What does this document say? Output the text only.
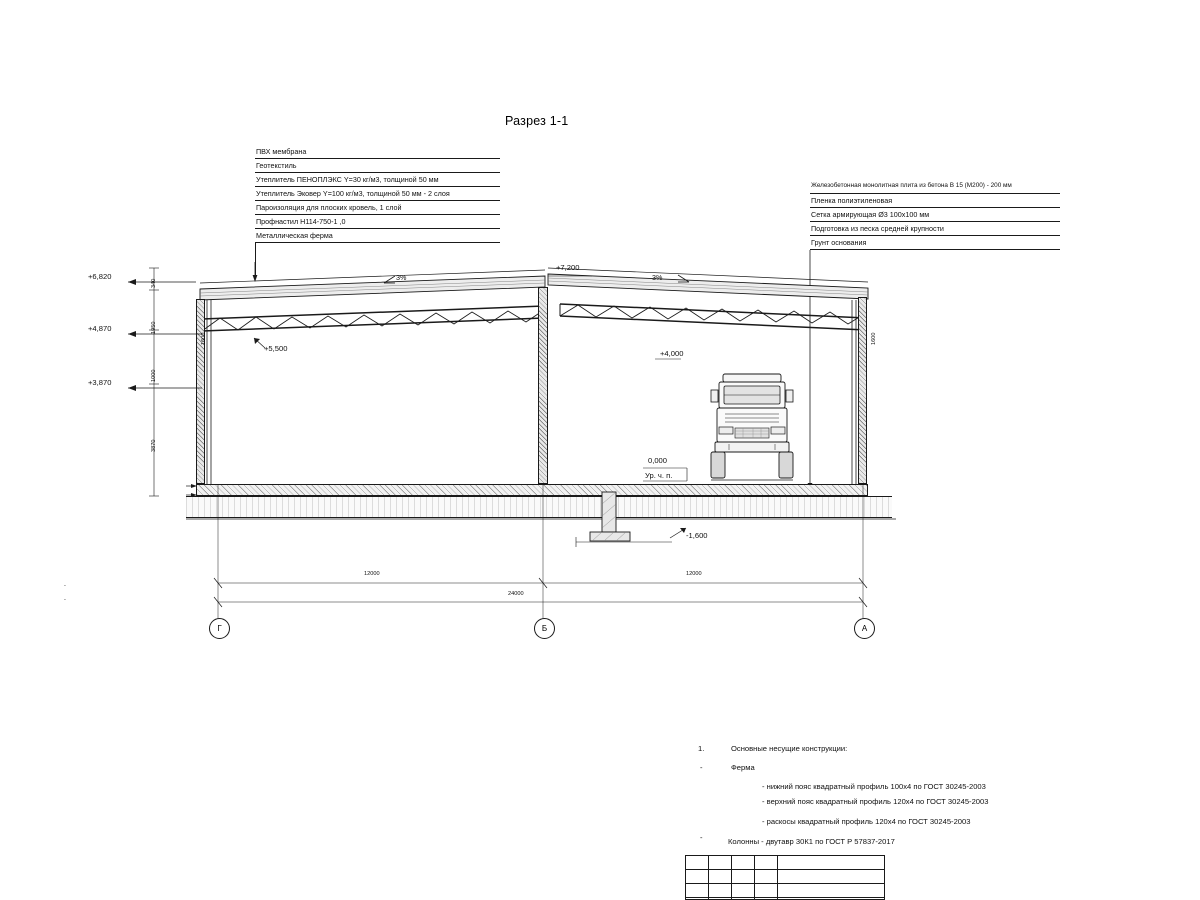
Разрез 1-1
ПВХ мембрана
Геотекстиль
Утеплитель ПЕНОПЛЭКС Y=30 кг/м3, толщиной 50 мм
Утеплитель Эковер Y=100 кг/м3, толщиной 50 мм - 2 слоя
Пароизоляция для плоских кровель, 1 слой
Профнастил H114-750-1 ,0
Металлическая ферма
Железобетонная монолитная плита из бетона В 15 (М200) - 200 мм
Пленка полиэтиленовая
Сетка армирующая Ø3 100х100 мм
Подготовка из песка средней крупности
Грунт основания
3%	3%
1600	1600
+6,820
+4,870
+3,870
340
1950
1000
3870
+5,500
+7,200
+4,000
0,000
Ур. ч. п.
-1,600
12000	12000
24000
Г	Б	А
-
-
1.	Основные несущие конструкции:
-	Ферма
- нижний пояс квадратный профиль 100х4 по ГОСТ 30245-2003
- верхний пояс квадратный профиль 120х4 по ГОСТ 30245-2003
- раскосы квадратный профиль 120х4 по ГОСТ 30245-2003
-	Колонны - двутавр 30К1 по ГОСТ Р 57837-2017
